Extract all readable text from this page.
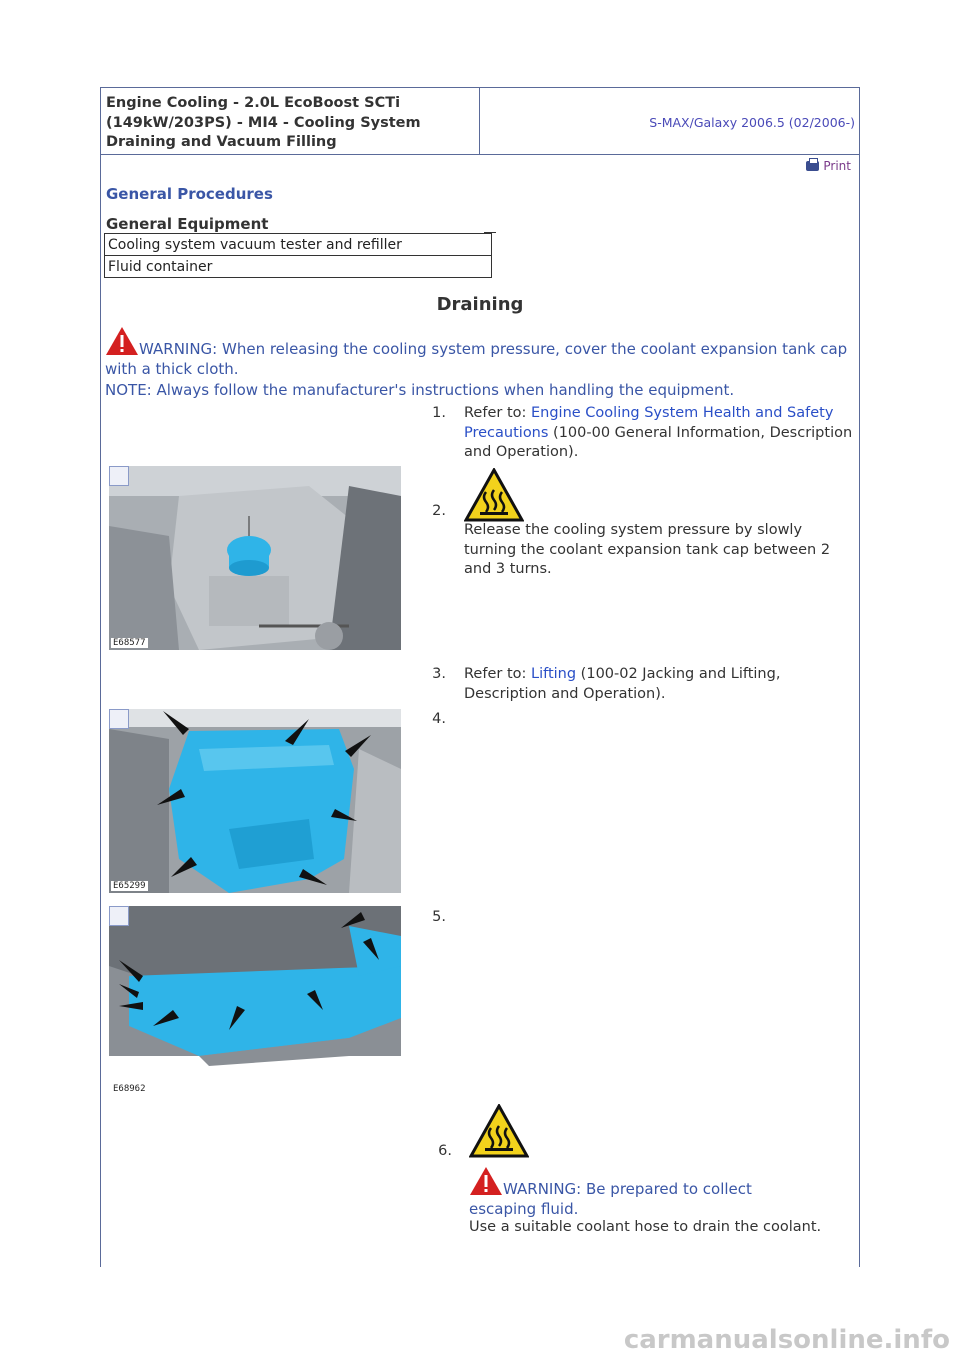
Engine Cooling - 2.0L EcoBoost SCTi
(149kW/203PS) - MI4 - Cooling System
Draining and Vacuum Filling
S-MAX/Galaxy 2006.5 (02/2006-)
Print
General Procedures
General Equipment
Cooling system vacuum tester and refiller
Fluid container
Draining
WARNING: When releasing the cooling system pressure, cover the coolant expansion tank cap with a thick cloth.
NOTE: Always follow the manufacturer's instructions when handling the equipment.
1. Refer to: Engine Cooling System Health and Safety Precautions (100-00 General Information, Description and Operation).
E68577
2.
Release the cooling system pressure by slowly turning the coolant expansion tank cap between 2 and 3 turns.
3. Refer to: Lifting (100-02 Jacking and Lifting, Description and Operation).
E65299
4.
E68962
5.
6.
WARNING: Be prepared to collect escaping fluid.
Use a suitable coolant hose to drain the coolant.
carmanualsonline.info
